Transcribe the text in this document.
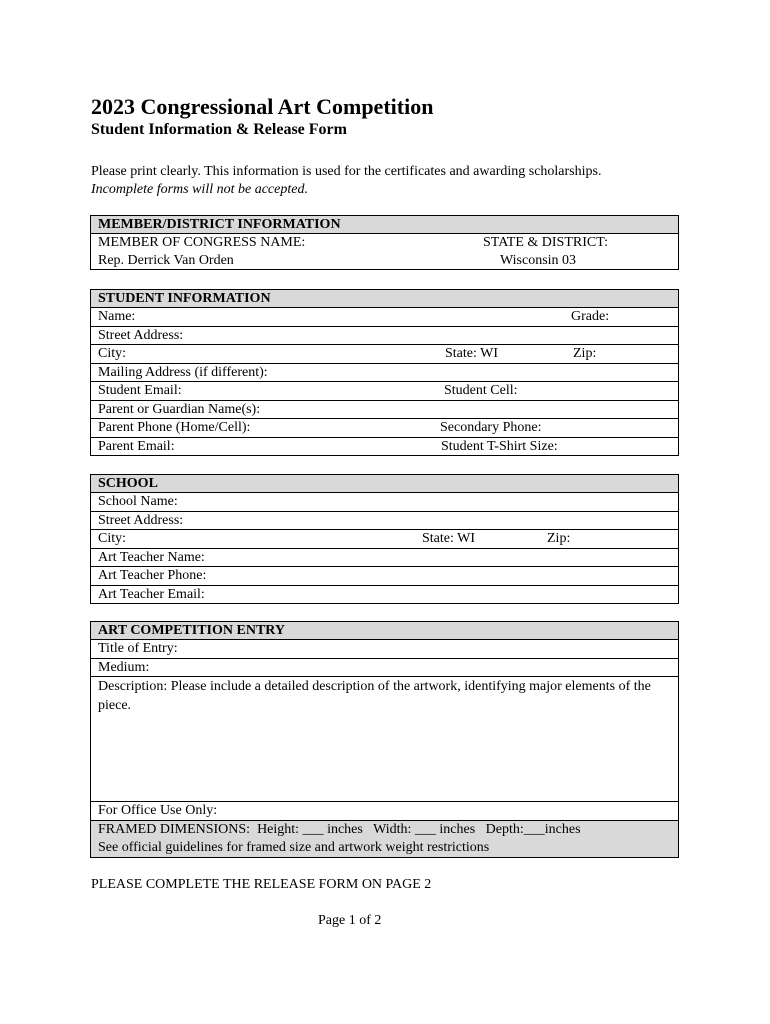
2023 Congressional Art Competition
Student Information & Release Form
Please print clearly. This information is used for the certificates and awarding scholarships.
Incomplete forms will not be accepted.
MEMBER/DISTRICT INFORMATION
MEMBER OF CONGRESS NAME:	STATE & DISTRICT:
Rep. Derrick Van Orden	Wisconsin 03
STUDENT INFORMATION
Name:	Grade:
Street Address:
City:	State: WI	Zip:
Mailing Address (if different):
Student Email:	Student Cell:
Parent or Guardian Name(s):
Parent Phone (Home/Cell):	Secondary Phone:
Parent Email:	Student T-Shirt Size:
SCHOOL
School Name:
Street Address:
City:	State: WI	Zip:
Art Teacher Name:
Art Teacher Phone:
Art Teacher Email:
ART COMPETITION ENTRY
Title of Entry:
Medium:
Description: Please include a detailed description of the artwork, identifying major elements of the piece.
For Office Use Only:
FRAMED DIMENSIONS:  Height: ___ inches   Width: ___ inches   Depth:___inches
See official guidelines for framed size and artwork weight restrictions
PLEASE COMPLETE THE RELEASE FORM ON PAGE 2
Page 1 of 2
